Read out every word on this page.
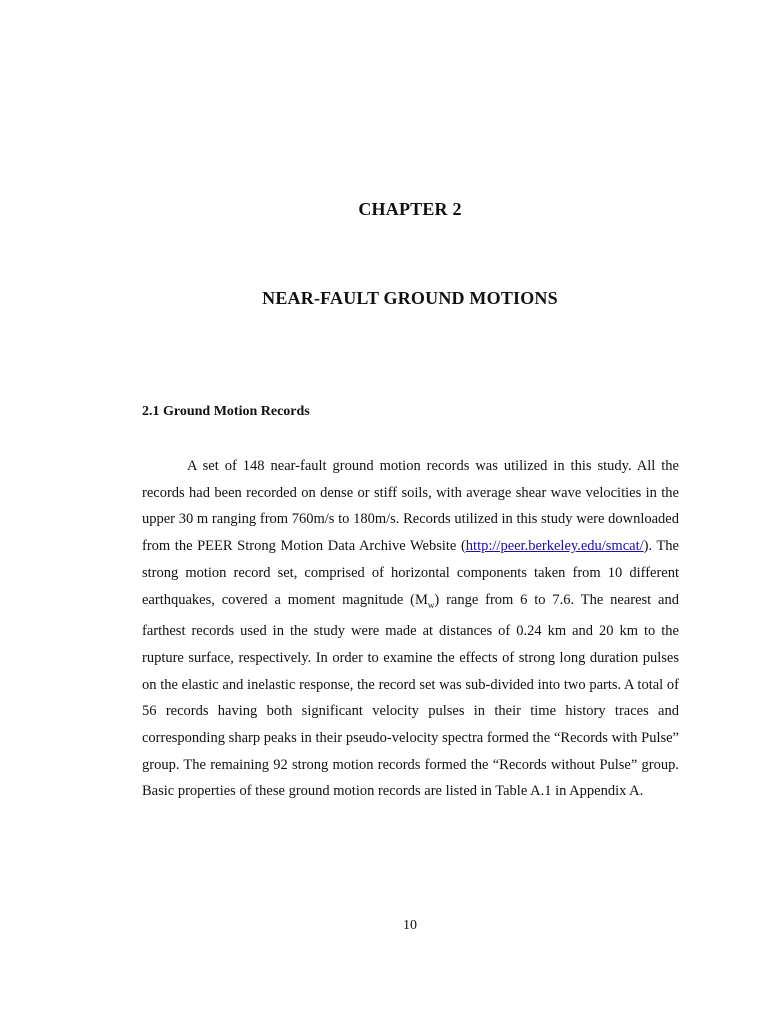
CHAPTER 2
NEAR-FAULT GROUND MOTIONS
2.1 Ground Motion Records

A set of 148 near-fault ground motion records was utilized in this study. All the records had been recorded on dense or stiff soils, with average shear wave velocities in the upper 30 m ranging from 760m/s to 180m/s. Records utilized in this study were downloaded from the PEER Strong Motion Data Archive Website (http://peer.berkeley.edu/smcat/). The strong motion record set, comprised of horizontal components taken from 10 different earthquakes, covered a moment magnitude $(M_w)$ range from 6 to 7.6. The nearest and farthest records used in the study were made at distances of 0.24 km and 20 km to the rupture surface, respectively. In order to examine the effects of strong long duration pulses on the elastic and inelastic response, the record set was sub-divided into two parts. A total of 56 records having both significant velocity pulses in their time history traces and corresponding sharp peaks in their pseudo-velocity spectra formed the “Records with Pulse” group. The remaining 92 strong motion records formed the “Records without Pulse” group. Basic properties of these ground motion records are listed in Table A.1 in Appendix A.

10
